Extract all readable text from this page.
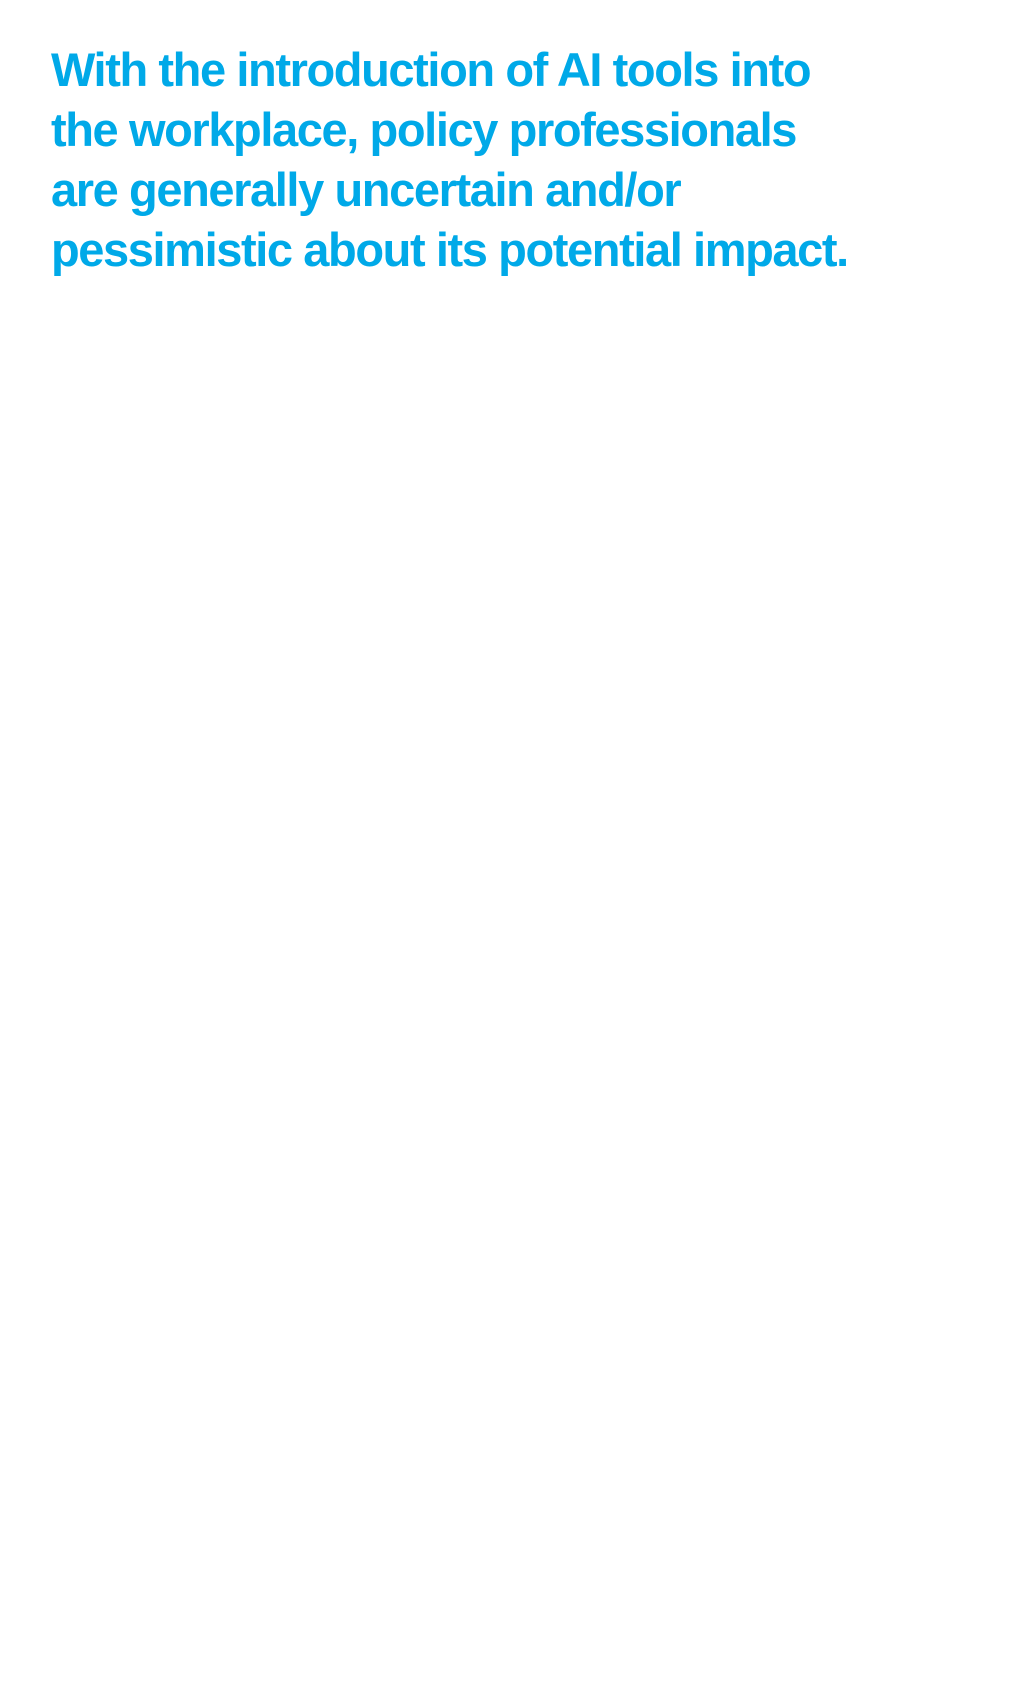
With the introduction of AI tools into
the workplace, policy professionals
are generally uncertain and/or
pessimistic about its potential impact.
